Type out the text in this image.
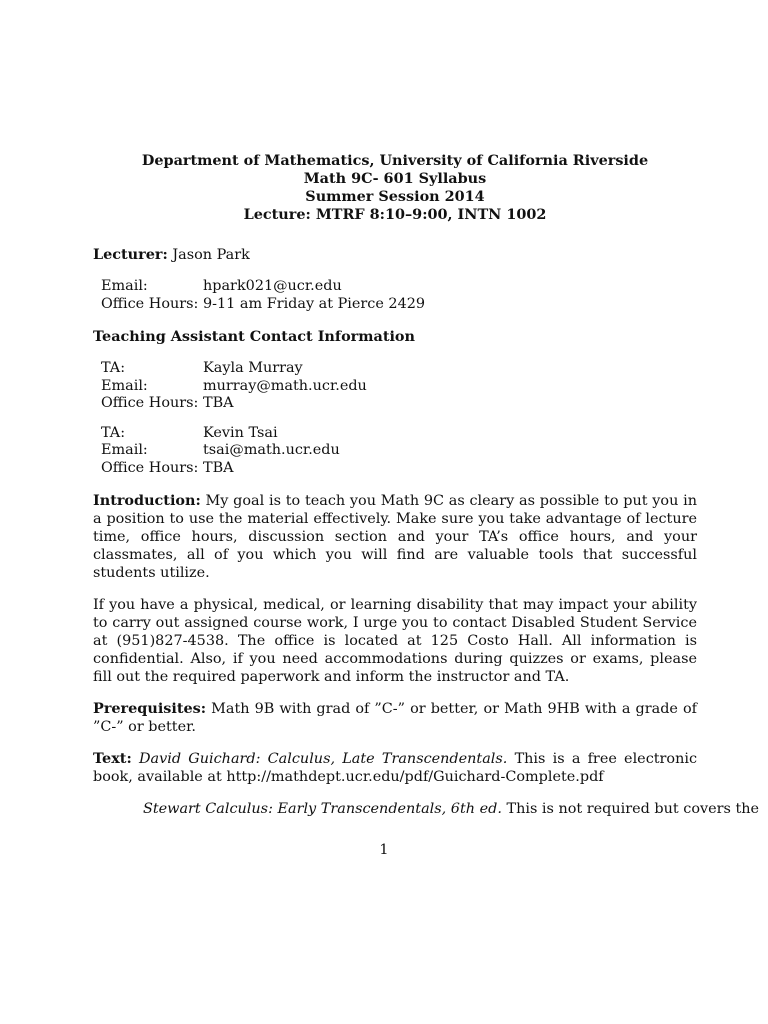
Department of Mathematics, University of California Riverside
Math 9C- 601 Syllabus
Summer Session 2014
Lecture: MTRF 8:10–9:00, INTN 1002
Lecturer: Jason Park
Email:	hpark021@ucr.edu
Office Hours:	9-11 am Friday at Pierce 2429
Teaching Assistant Contact Information
TA:	Kayla Murray
Email:	murray@math.ucr.edu
Office Hours:	TBA
TA:	Kevin Tsai
Email:	tsai@math.ucr.edu
Office Hours:	TBA

Introduction: My goal is to teach you Math 9C as cleary as possible to put you in a position to use the material effectively. Make sure you take advantage of lecture time, office hours, discussion section and your TA’s office hours, and your classmates, all of you which you will find are valuable tools that successful students utilize.

If you have a physical, medical, or learning disability that may impact your ability to carry out assigned course work, I urge you to contact Disabled Student Service at (951)827-4538. The office is located at 125 Costo Hall. All information is confidential. Also, if you need accommodations during quizzes or exams, please fill out the required paperwork and inform the instructor and TA.

Prerequisites: Math 9B with grad of ”C-” or better, or Math 9HB with a grade of ”C-” or better.

Text: David Guichard: Calculus, Late Transcendentals. This is a free electronic book, available at http://mathdept.ucr.edu/pdf/Guichard-Complete.pdf

Stewart Calculus: Early Transcendentals, 6th ed. This is not required but covers the

1
